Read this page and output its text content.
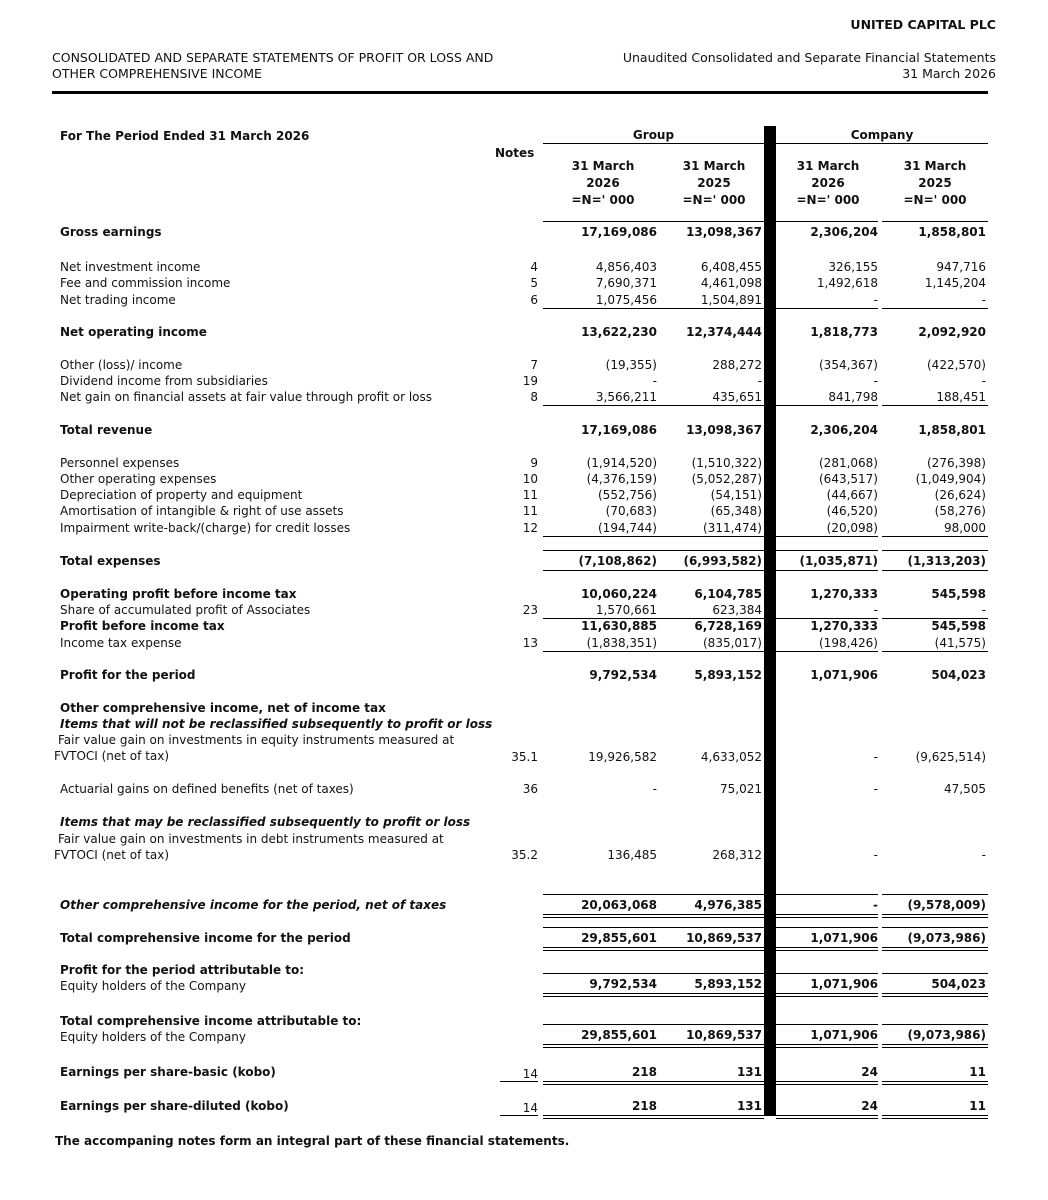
UNITED CAPITAL PLC
CONSOLIDATED AND SEPARATE STATEMENTS OF PROFIT OR LOSS AND
OTHER COMPREHENSIVE INCOME
Unaudited Consolidated and Separate Financial Statements
31 March 2026
For The Period Ended 31 March 2026
Notes
Group	Company
31 March
2026
=N=' 000
31 March
2025
=N=' 000
31 March
2026
=N=' 000
31 March
2025
=N=' 000
Gross earnings	17,169,086	13,098,367	2,306,204	1,858,801
Net investment income	4	4,856,403	6,408,455	326,155	947,716
Fee and commission income	5	7,690,371	4,461,098	1,492,618	1,145,204
Net trading income	6	1,075,456	1,504,891	-	-
Net operating income	13,622,230	12,374,444	1,818,773	2,092,920
Other (loss)/ income	7	(19,355)	288,272	(354,367)	(422,570)
Dividend income from subsidiaries	19	-	-	-	-
Net gain on financial assets at fair value through profit or loss	8	3,566,211	435,651	841,798	188,451
Total revenue	17,169,086	13,098,367	2,306,204	1,858,801
Personnel expenses	9	(1,914,520)	(1,510,322)	(281,068)	(276,398)
Other operating expenses	10	(4,376,159)	(5,052,287)	(643,517)	(1,049,904)
Depreciation of property and equipment	11	(552,756)	(54,151)	(44,667)	(26,624)
Amortisation of intangible & right of use assets	11	(70,683)	(65,348)	(46,520)	(58,276)
Impairment write-back/(charge) for credit losses	12	(194,744)	(311,474)	(20,098)	98,000
Total expenses	(7,108,862)	(6,993,582)	(1,035,871)	(1,313,203)
Operating profit before income tax	10,060,224	6,104,785	1,270,333	545,598
Share of accumulated profit of Associates	23	1,570,661	623,384	-	-
Profit before income tax	11,630,885	6,728,169	1,270,333	545,598
Income tax expense	13	(1,838,351)	(835,017)	(198,426)	(41,575)
Profit for the period	9,792,534	5,893,152	1,071,906	504,023
Other comprehensive income, net of income tax
Items that will not be reclassified subsequently to profit or loss
Fair value gain on investments in equity instruments measured at
FVTOCI (net of tax)	35.1	19,926,582	4,633,052	-	(9,625,514)
Actuarial gains on defined benefits (net of taxes)	36	-	75,021	-	47,505
Items that may be reclassified subsequently to profit or loss
Fair value gain on investments in debt instruments measured at
FVTOCI (net of tax)	35.2	136,485	268,312	-	-
Other comprehensive income for the period, net of taxes	20,063,068	4,976,385	-	(9,578,009)
Total comprehensive income for the period	29,855,601	10,869,537	1,071,906	(9,073,986)
Profit for the period attributable to:
Equity holders of the Company	9,792,534	5,893,152	1,071,906	504,023
Total comprehensive income attributable to:
Equity holders of the Company	29,855,601	10,869,537	1,071,906	(9,073,986)
Earnings per share-basic (kobo)	14	218	131	24	11
Earnings per share-diluted (kobo)	14	218	131	24	11
The accompaning notes form an integral part of these financial statements.
